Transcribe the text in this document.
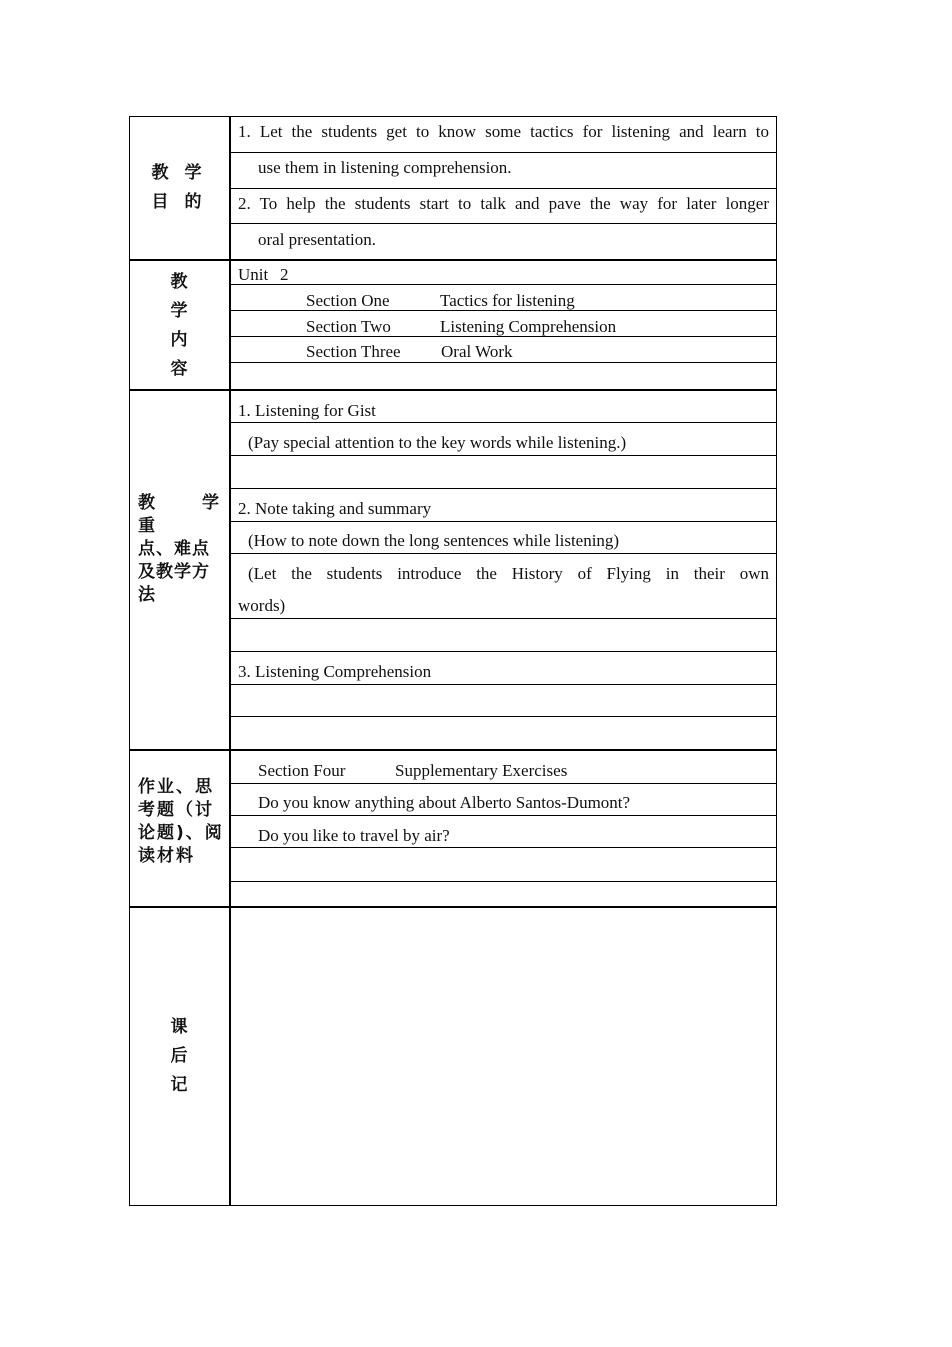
教 学
目 的
1. Let the students get to know some tactics for listening and learn to
use them in listening comprehension.
2. To help the students start to talk and pave the way for later longer
oral presentation.
教
学
内
容
Unit 2
Section One	Tactics for listening
Section Two	Listening Comprehension
Section Three Oral Work
教 学 重
点、难点
及教学方
法
1. Listening for Gist
(Pay special attention to the key words while listening.)
2. Note taking and summary
(How to note down the long sentences while listening)
(Let the students introduce the History of Flying in their own
words)
3. Listening Comprehension
作业、思
考题（讨
论题)、阅
读材料
Section Four	Supplementary Exercises
Do you know anything about Alberto Santos-Dumont?
Do you like to travel by air?
课
后
记
